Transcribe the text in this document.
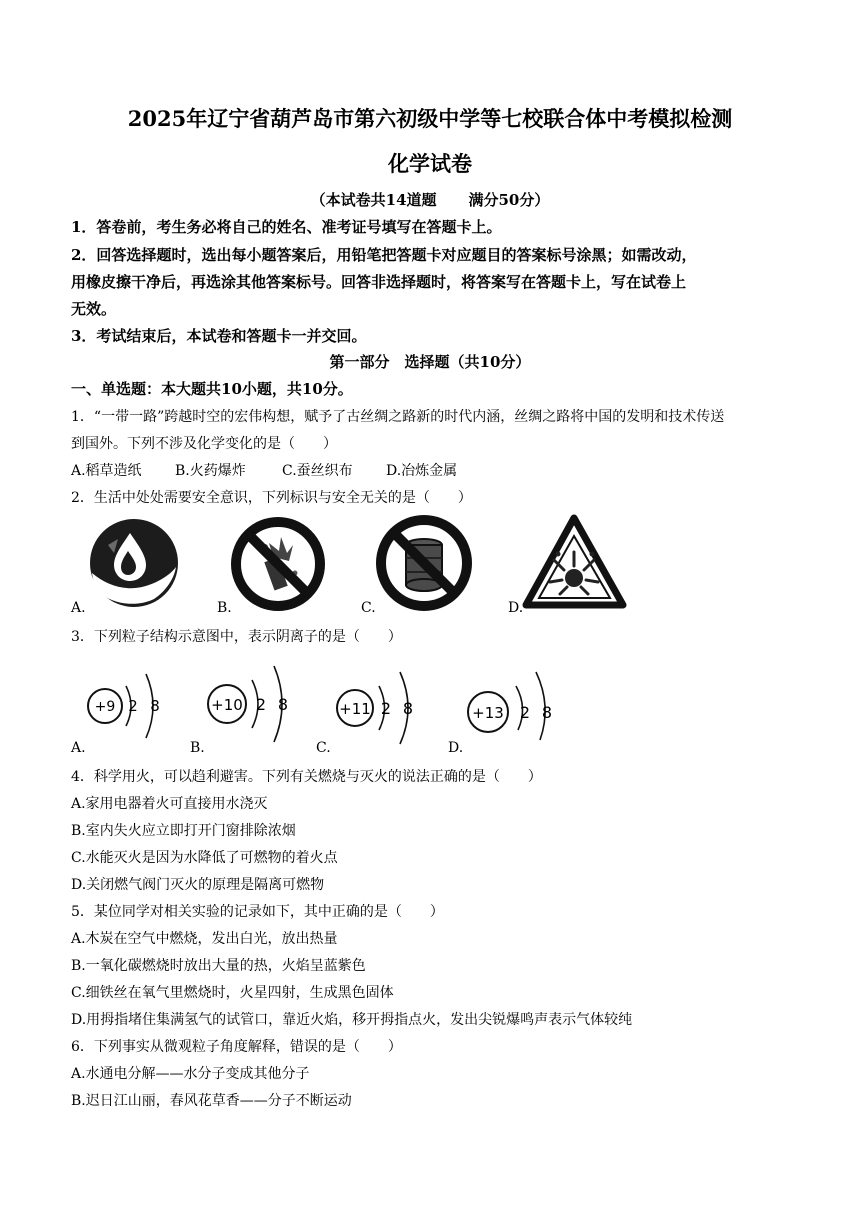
2025年辽宁省葫芦岛市第六初级中学等七校联合体中考模拟检测
化学试卷
（本试卷共14道题 满分50分）
1．答卷前，考生务必将自己的姓名、准考证号填写在答题卡上。
2．回答选择题时，选出每小题答案后，用铅笔把答题卡对应题目的答案标号涂黑；如需改动，
用橡皮擦干净后，再选涂其他答案标号。回答非选择题时，将答案写在答题卡上，写在试卷上
无效。
3．考试结束后，本试卷和答题卡一并交回。
第一部分　选择题（共10分）
一、单选题：本大题共10小题，共10分。
1．“一带一路”跨越时空的宏伟构想，赋予了古丝绸之路新的时代内涵，丝绸之路将中国的发明和技术传送
到国外。下列不涉及化学变化的是（　　）
A.稻草造纸 B.火药爆炸	C.蚕丝织布 D.冶炼金属
2．生活中处处需要安全意识，下列标识与安全无关的是（　　）
A.	B.	C.	D.
3．下列粒子结构示意图中，表示阴离子的是（　　）
+9 2 8	+10 2 8	+11 2 8	+13 2 8
A.	B.	C.	D.
4．科学用火，可以趋利避害。下列有关燃烧与灭火的说法正确的是（　　）
A.家用电器着火可直接用水浇灭
B.室内失火应立即打开门窗排除浓烟
C.水能灭火是因为水降低了可燃物的着火点
D.关闭燃气阀门灭火的原理是隔离可燃物
5．某位同学对相关实验的记录如下，其中正确的是（　　）
A.木炭在空气中燃烧，发出白光，放出热量
B.一氧化碳燃烧时放出大量的热，火焰呈蓝紫色
C.细铁丝在氧气里燃烧时，火星四射，生成黑色固体
D.用拇指堵住集满氢气的试管口，靠近火焰，移开拇指点火，发出尖锐爆鸣声表示气体较纯
6．下列事实从微观粒子角度解释，错误的是（　　）
A.水通电分解——水分子变成其他分子
B.迟日江山丽，春风花草香——分子不断运动
